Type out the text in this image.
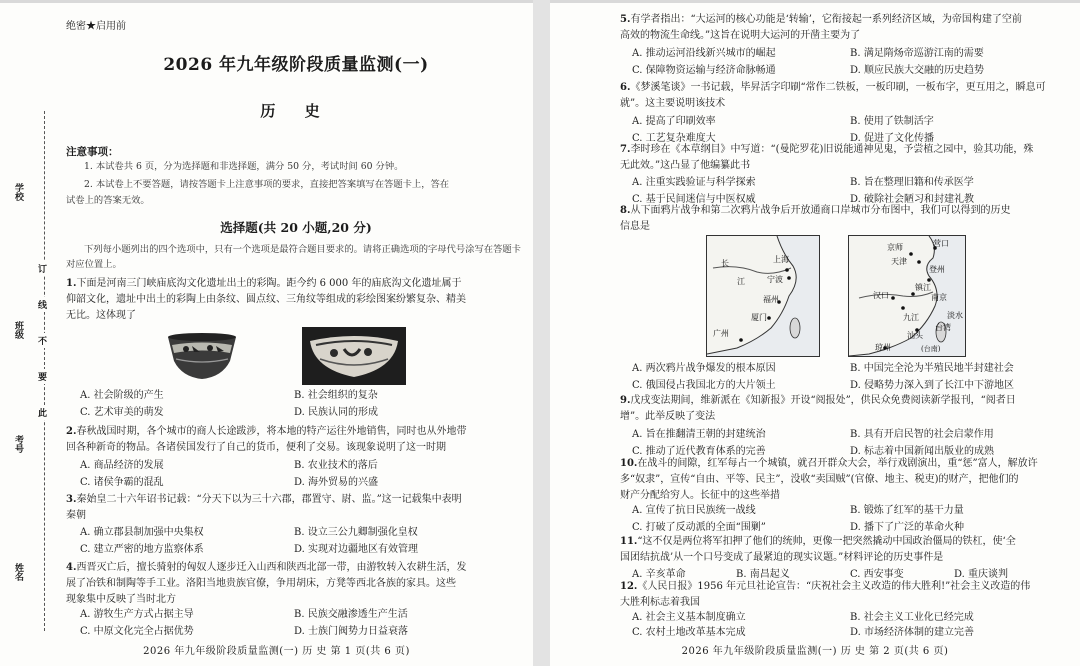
学校
班级
考号
姓名
订
线
不
要
此
绝密★启用前
2026 年九年级阶段质量监测(一)
历 史
注意事项：
1. 本试卷共 6 页，分为选择题和非选择题，满分 50 分，考试时间 60 分钟。
2. 本试卷上不要答题，请按答题卡上注意事项的要求，直接把答案填写在答题卡上，答在
试卷上的答案无效。
选择题(共 20 小题,20 分)
下列每小题列出的四个选项中，只有一个选项是最符合题目要求的。请将正确选项的字母代号涂写在答题卡对应位置上。
1.下面是河南三门峡庙底沟文化遗址出土的彩陶。距今约 6 000 年的庙底沟文化遗址属于
仰韶文化，遗址中出土的彩陶上由条纹、圆点纹、三角纹等组成的彩绘图案纷繁复杂、精美
无比。这体现了
A. 社会阶级的产生	B. 社会组织的复杂
C. 艺术审美的萌发	D. 民族认同的形成
2.春秋战国时期，各个城市的商人长途跋涉，将本地的特产运往外地销售，同时也从外地带
回各种新奇的物品。各诸侯国发行了自己的货币，便利了交易。该现象说明了这一时期
A. 商品经济的发展	B. 农业技术的落后
C. 诸侯争霸的混乱	D. 海外贸易的兴盛
3.秦始皇二十六年诏书记载：“分天下以为三十六郡，郡置守、尉、监。”这一记载集中表明
秦朝
A. 确立郡县制加强中央集权	B. 设立三公九卿制强化皇权
C. 建立严密的地方监察体系	D. 实现对边疆地区有效管理
4.西晋灭亡后，擅长骑射的匈奴人逐步迁入山西和陕西北部一带，由游牧转入农耕生活，发
展了冶铁和制陶等手工业。洛阳当地贵族官僚，争用胡床，方凳等西北各族的家具。这些
现象集中反映了当时北方
A. 游牧生产方式占据主导	B. 民族交融渗透生产生活
C. 中原文化完全占据优势	D. 士族门阀势力日益衰落
2026 年九年级阶段质量监测(一) 历 史 第 1 页(共 6 页)
5.有学者指出：“大运河的核心功能是‘转输’，它衔接起一系列经济区域，为帝国构建了空前
高效的物流生命线。”这旨在说明大运河的开凿主要为了
A. 推动运河沿线新兴城市的崛起	B. 满足隋炀帝巡游江南的需要
C. 保障物资运输与经济命脉畅通	D. 顺应民族大交融的历史趋势
6.《梦溪笔谈》一书记载，毕昇活字印刷“常作二铁板，一板印刷，一板布字，更互用之，瞬息可
就”。这主要说明该技术
A. 提高了印刷效率	B. 使用了铁制活字
C. 工艺复杂难度大	D. 促进了文化传播
7.李时珍在《本草纲目》中写道：“(曼陀罗花)旧说能通神见鬼，予尝植之园中，验其功能，殊
无此效。”这凸显了他编纂此书
A. 注重实践验证与科学探索	B. 旨在整理旧籍和传承医学
C. 基于民间迷信与中医权威	D. 破除社会陋习和封建礼教
8.从下面鸦片战争和第二次鸦片战争后开放通商口岸城市分布图中，我们可以得到的历史
信息是
上海
宁波
长
江
福州
厦门
广州
京师	营口
天津
登州
镇江
南京
汉口
九江	淡水
汕头
台湾
琼州	(台南)
A. 两次鸦片战争爆发的根本原因	B. 中国完全沦为半殖民地半封建社会
C. 俄国侵占我国北方的大片领土	D. 侵略势力深入到了长江中下游地区
9.戊戌变法期间，维新派在《知新报》开设“阅报处”，供民众免费阅读新学报刊，“阅者日
增”。此举反映了变法
A. 旨在推翻清王朝的封建统治	B. 具有开启民智的社会启蒙作用
C. 推动了近代教育体系的完善	D. 标志着中国新闻出版业的成熟
10.在战斗的间隙，红军每占一个城镇，就召开群众大会，举行戏剧演出，重“惩”富人，解放许
多“奴隶”，宣传“自由、平等、民主”，没收“卖国贼”(官僚、地主、税吏)的财产，把他们的
财产分配给穷人。长征中的这些举措
A. 宣传了抗日民族统一战线	B. 锻炼了红军的基干力量
C. 打破了反动派的全面“围剿”	D. 播下了广泛的革命火种
11.“这不仅是两位将军扣押了他们的统帅，更像一把突然撬动中国政治僵局的铁杠，使‘全
国团结抗战’从一个口号变成了最紧迫的现实议题。”材料评论的历史事件是
A. 辛亥革命	B. 南昌起义	C. 西安事变	D. 重庆谈判
12.《人民日报》1956 年元旦社论宣告：“庆祝社会主义改造的伟大胜利!”社会主义改造的伟
大胜利标志着我国
A. 社会主义基本制度确立	B. 社会主义工业化已经完成
C. 农村土地改革基本完成	D. 市场经济体制的建立完善
2026 年九年级阶段质量监测(一) 历 史 第 2 页(共 6 页)
